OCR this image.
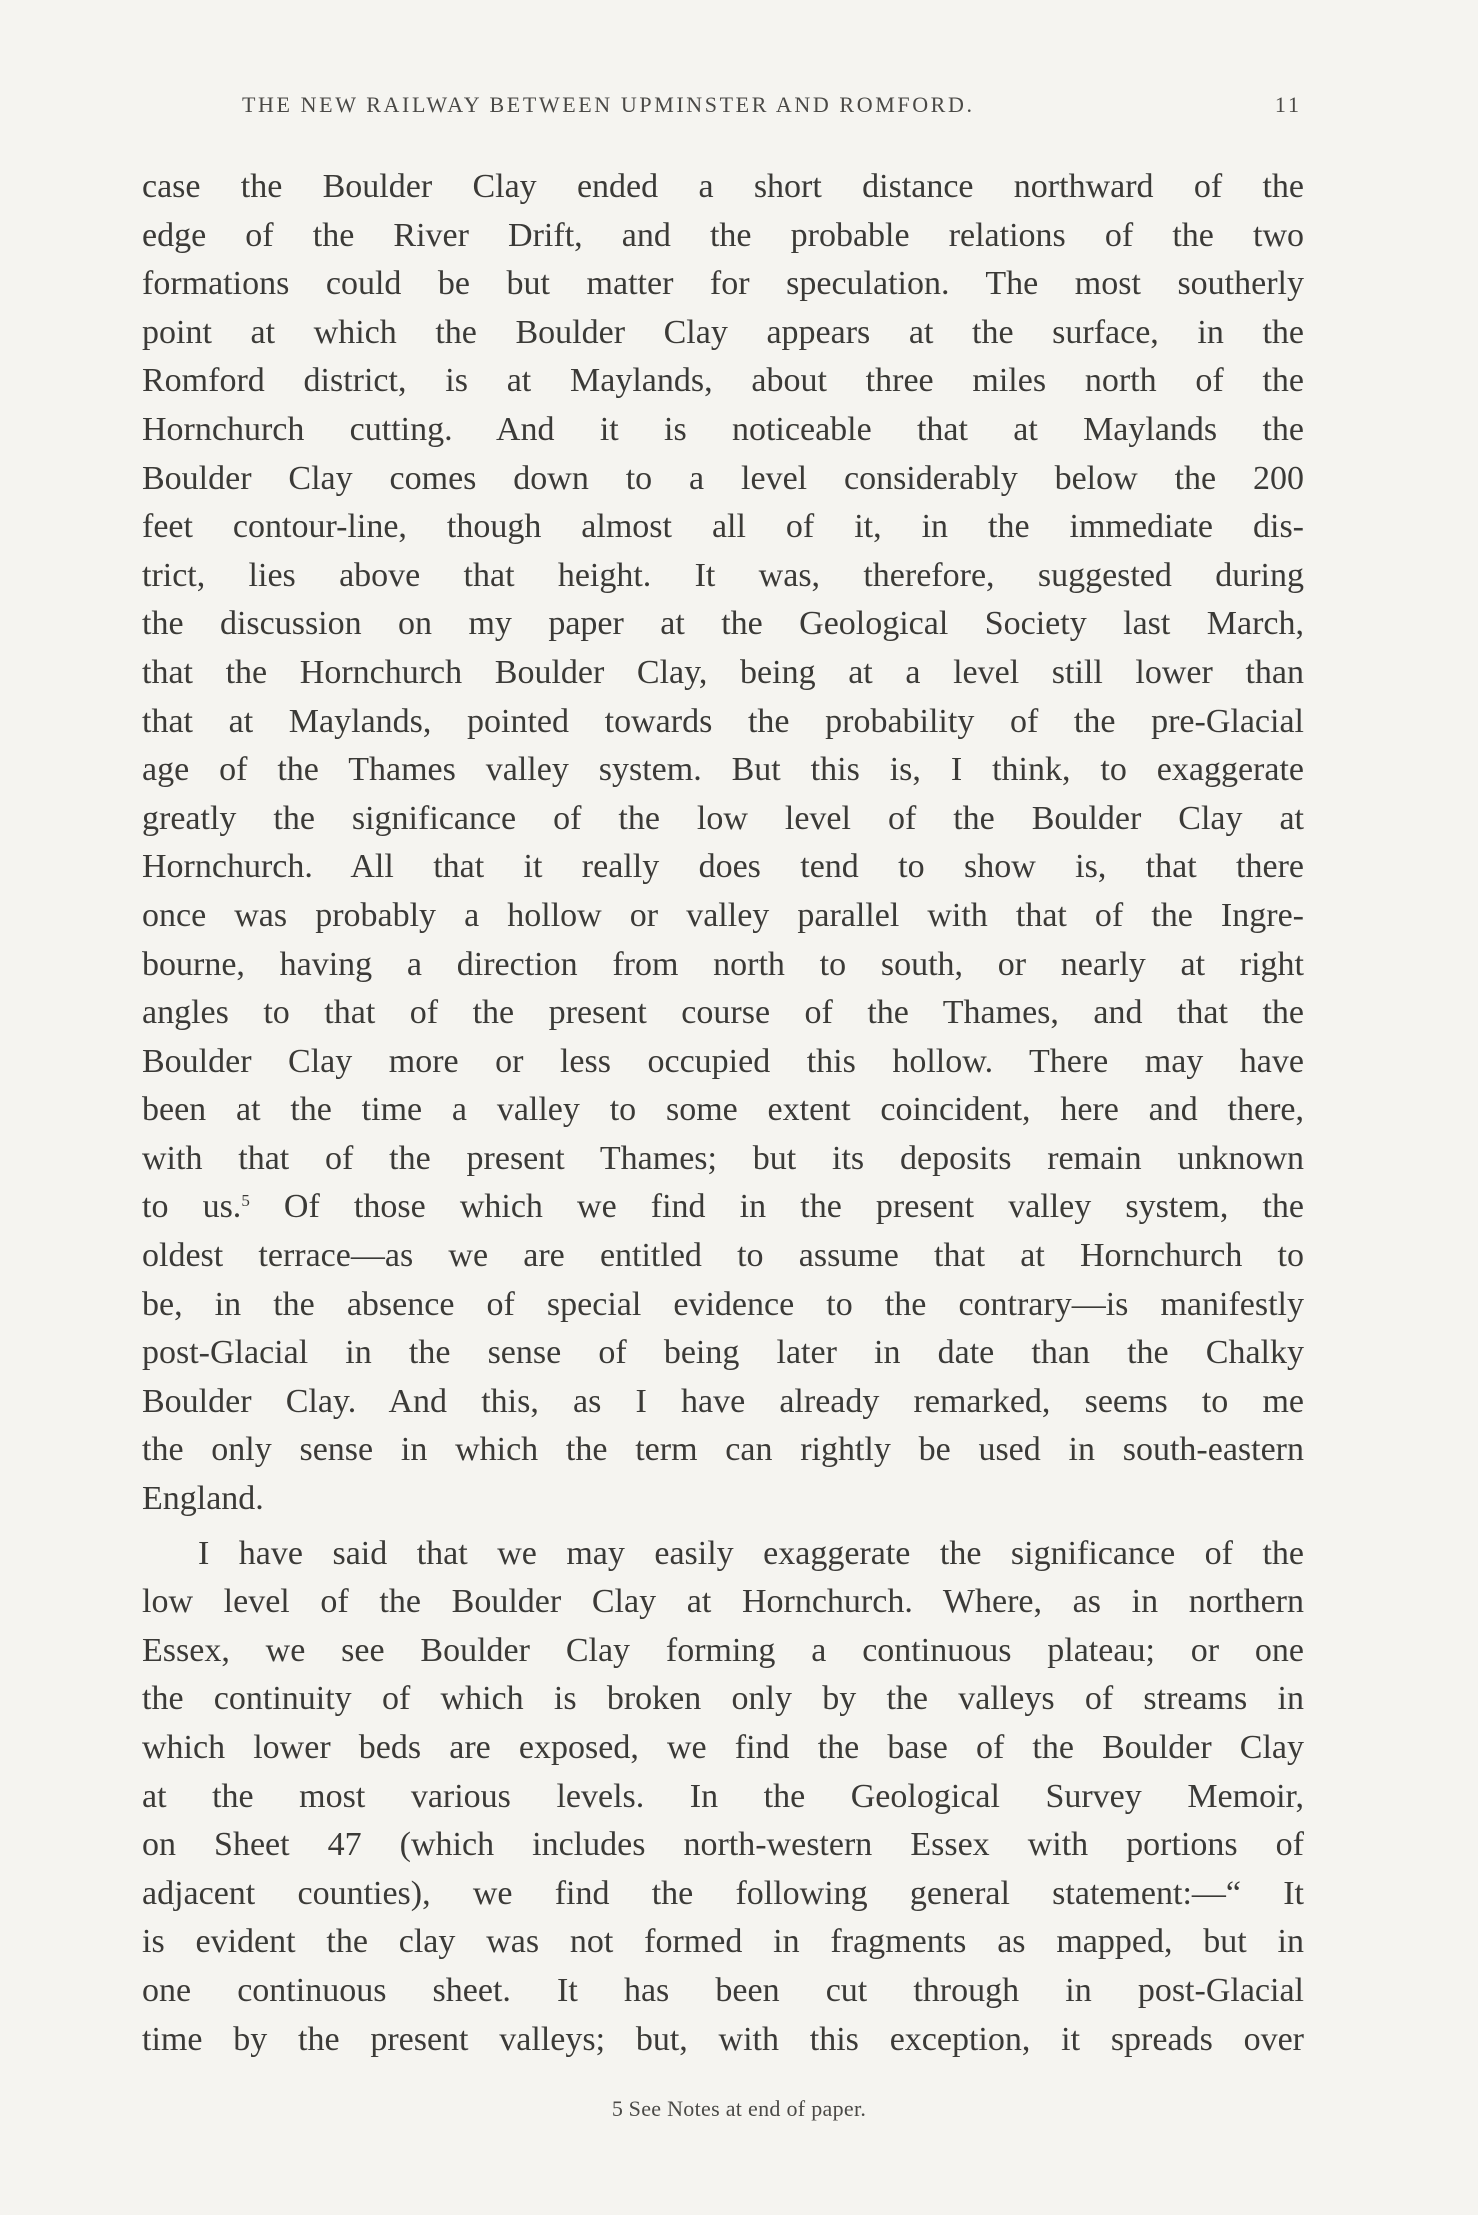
THE NEW RAILWAY BETWEEN UPMINSTER AND ROMFORD.	11
case the Boulder Clay ended a short distance northward of the
edge of the River Drift, and the probable relations of the two
formations could be but matter for speculation. The most southerly
point at which the Boulder Clay appears at the surface, in the
Romford district, is at Maylands, about three miles north of the
Hornchurch cutting. And it is noticeable that at Maylands the
Boulder Clay comes down to a level considerably below the 200
feet contour-line, though almost all of it, in the immediate dis-
trict, lies above that height. It was, therefore, suggested during
the discussion on my paper at the Geological Society last March,
that the Hornchurch Boulder Clay, being at a level still lower than
that at Maylands, pointed towards the probability of the pre-Glacial
age of the Thames valley system. But this is, I think, to exaggerate
greatly the significance of the low level of the Boulder Clay at
Hornchurch. All that it really does tend to show is, that there
once was probably a hollow or valley parallel with that of the Ingre-
bourne, having a direction from north to south, or nearly at right
angles to that of the present course of the Thames, and that the
Boulder Clay more or less occupied this hollow. There may have
been at the time a valley to some extent coincident, here and there,
with that of the present Thames; but its deposits remain unknown
to us.$^5$ Of those which we find in the present valley system, the
oldest terrace—as we are entitled to assume that at Hornchurch to
be, in the absence of special evidence to the contrary—is manifestly
post-Glacial in the sense of being later in date than the Chalky
Boulder Clay. And this, as I have already remarked, seems to me
the only sense in which the term can rightly be used in south-eastern
England.
I have said that we may easily exaggerate the significance of the
low level of the Boulder Clay at Hornchurch. Where, as in northern
Essex, we see Boulder Clay forming a continuous plateau; or one
the continuity of which is broken only by the valleys of streams in
which lower beds are exposed, we find the base of the Boulder Clay
at the most various levels. In the Geological Survey Memoir,
on Sheet 47 (which includes north-western Essex with portions of
adjacent counties), we find the following general statement:—“ It
is evident the clay was not formed in fragments as mapped, but in
one continuous sheet. It has been cut through in post-Glacial
time by the present valleys; but, with this exception, it spreads over
5 See Notes at end of paper.
